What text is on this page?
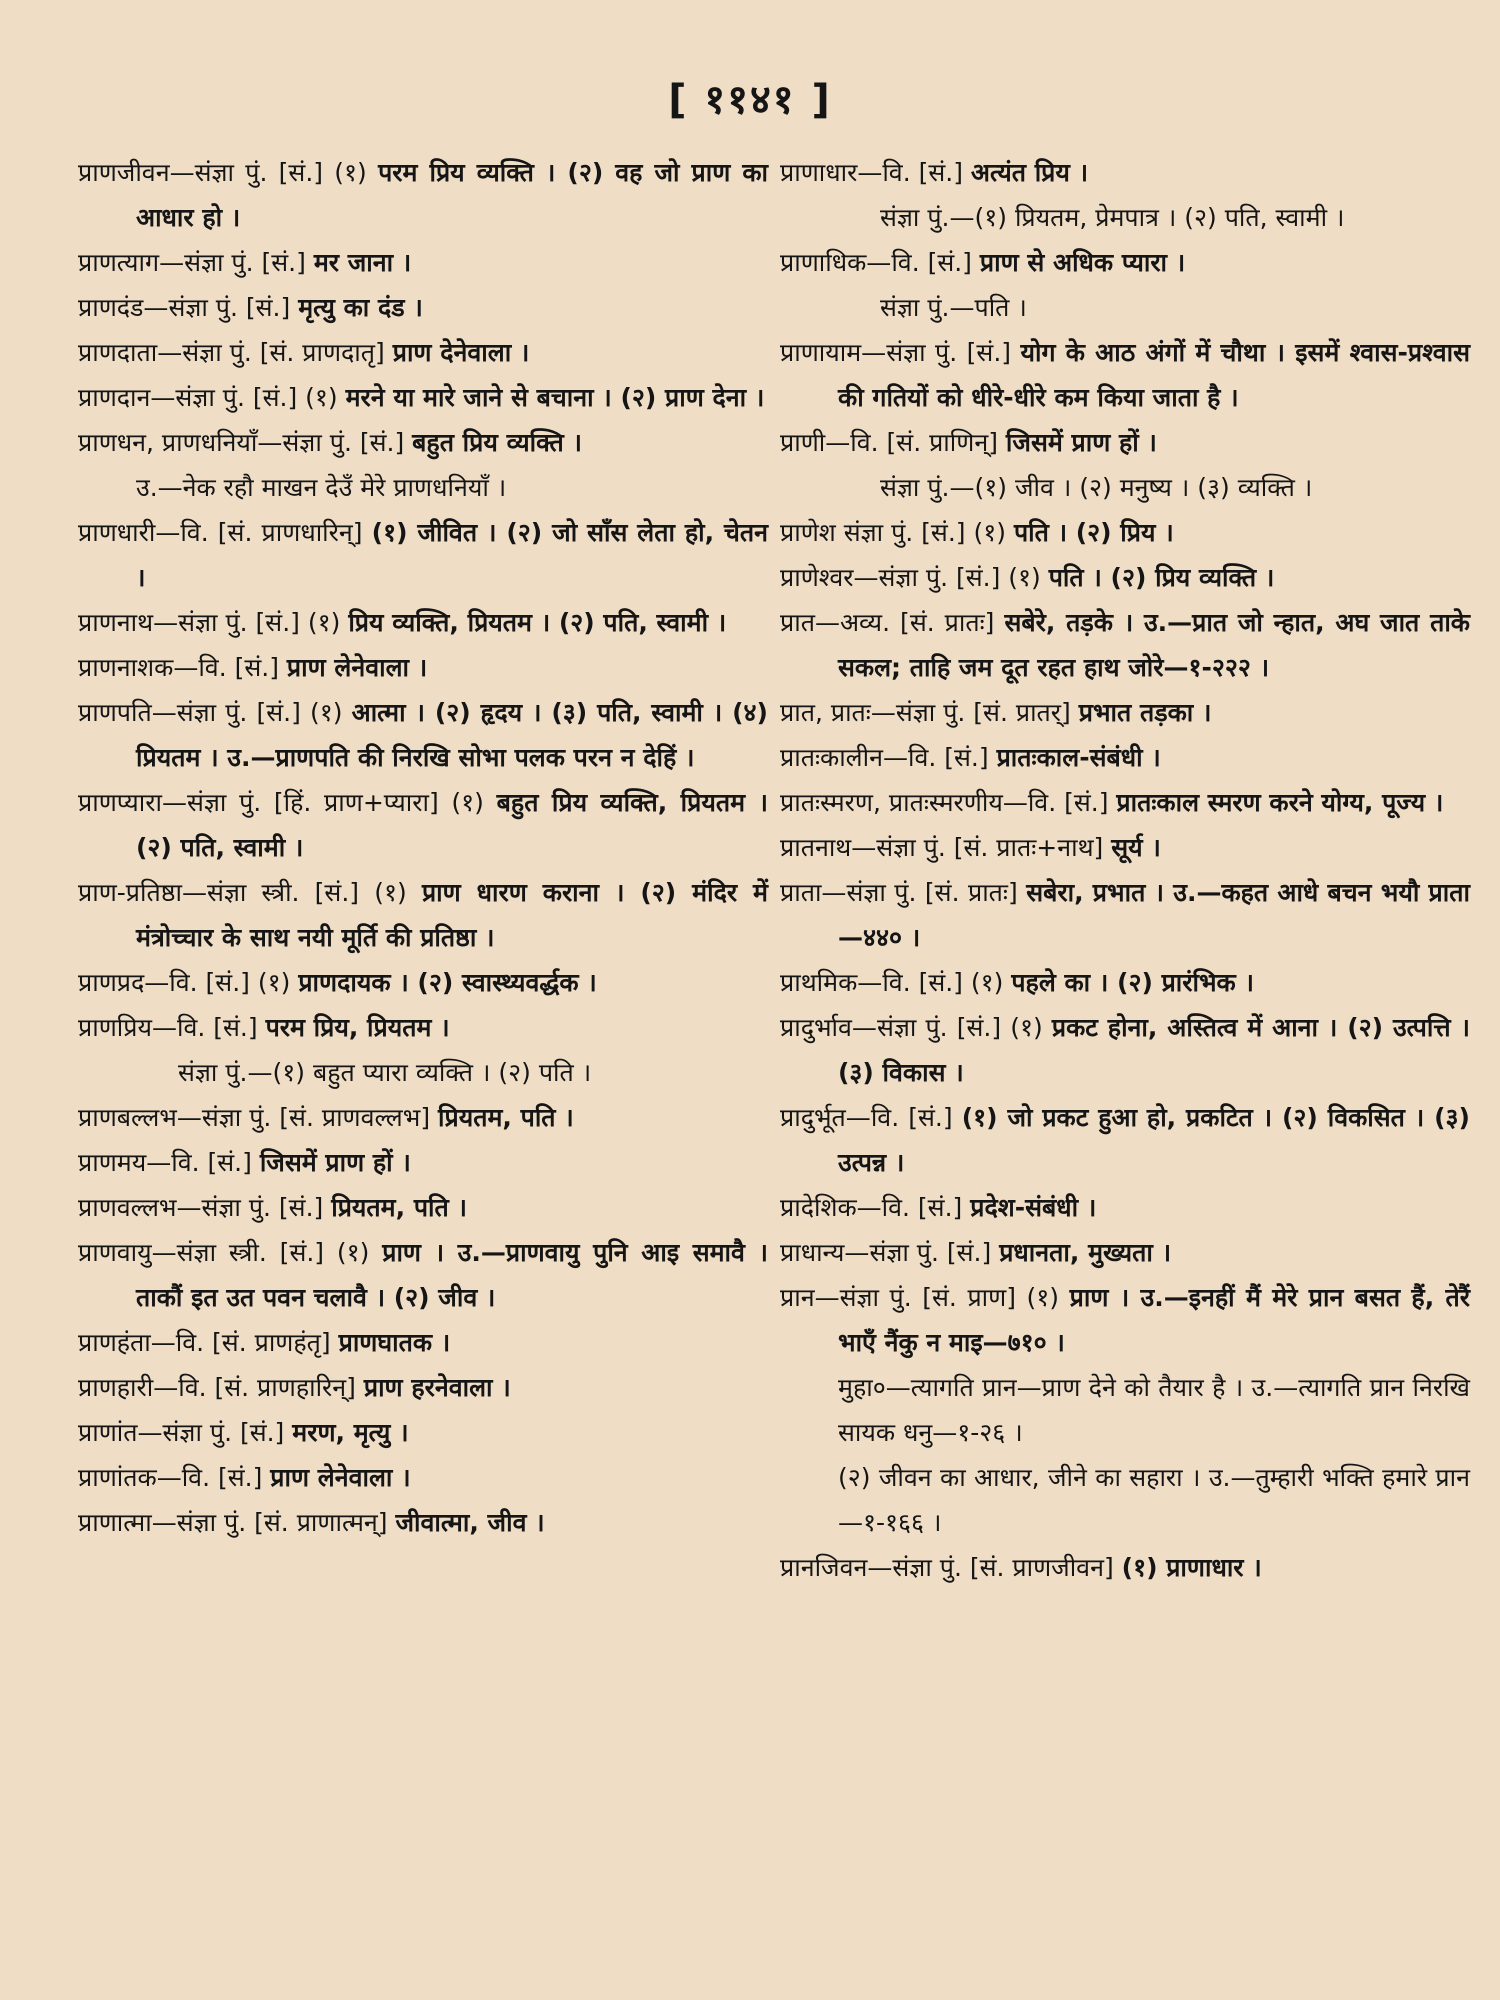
[ ११४१ ]
प्राणजीवन—संज्ञा पुं. [सं.] (१) परम प्रिय व्यक्ति । (२) वह जो प्राण का आधार हो ।
प्राणत्याग—संज्ञा पुं. [सं.] मर जाना ।
प्राणदंड—संज्ञा पुं. [सं.] मृत्यु का दंड ।
प्राणदाता—संज्ञा पुं. [सं. प्राणदातृ] प्राण देनेवाला ।
प्राणदान—संज्ञा पुं. [सं.] (१) मरने या मारे जाने से बचाना । (२) प्राण देना ।
प्राणधन, प्राणधनियाँ—संज्ञा पुं. [सं.] बहुत प्रिय व्यक्ति ।
उ.—नेक रहौ माखन देउँ मेरे प्राणधनियाँ ।
प्राणधारी—वि. [सं. प्राणधारिन्] (१) जीवित । (२) जो साँस लेता हो, चेतन ।
प्राणनाथ—संज्ञा पुं. [सं.] (१) प्रिय व्यक्ति, प्रियतम । (२) पति, स्वामी ।
प्राणनाशक—वि. [सं.] प्राण लेनेवाला ।
प्राणपति—संज्ञा पुं. [सं.] (१) आत्मा । (२) हृदय । (३) पति, स्वामी । (४) प्रियतम । उ.—प्राणपति की निरखि सोभा पलक परन न देहिं ।
प्राणप्यारा—संज्ञा पुं. [हिं. प्राण+प्यारा] (१) बहुत प्रिय व्यक्ति, प्रियतम । (२) पति, स्वामी ।
प्राण-प्रतिष्ठा—संज्ञा स्त्री. [सं.] (१) प्राण धारण कराना । (२) मंदिर में मंत्रोच्चार के साथ नयी मूर्ति की प्रतिष्ठा ।
प्राणप्रद—वि. [सं.] (१) प्राणदायक । (२) स्वास्थ्यवर्द्धक ।
प्राणप्रिय—वि. [सं.] परम प्रिय, प्रियतम ।
संज्ञा पुं.—(१) बहुत प्यारा व्यक्ति । (२) पति ।
प्राणबल्लभ—संज्ञा पुं. [सं. प्राणवल्लभ] प्रियतम, पति ।
प्राणमय—वि. [सं.] जिसमें प्राण हों ।
प्राणवल्लभ—संज्ञा पुं. [सं.] प्रियतम, पति ।
प्राणवायु—संज्ञा स्त्री. [सं.] (१) प्राण । उ.—प्राणवायु पुनि आइ समावै । ताकौं इत उत पवन चलावै । (२) जीव ।
प्राणहंता—वि. [सं. प्राणहंतृ] प्राणघातक ।
प्राणहारी—वि. [सं. प्राणहारिन्] प्राण हरनेवाला ।
प्राणांत—संज्ञा पुं. [सं.] मरण, मृत्यु ।
प्राणांतक—वि. [सं.] प्राण लेनेवाला ।
प्राणात्मा—संज्ञा पुं. [सं. प्राणात्मन्] जीवात्मा, जीव ।
प्राणाधार—वि. [सं.] अत्यंत प्रिय ।
संज्ञा पुं.—(१) प्रियतम, प्रेमपात्र । (२) पति, स्वामी ।
प्राणाधिक—वि. [सं.] प्राण से अधिक प्यारा ।
संज्ञा पुं.—पति ।
प्राणायाम—संज्ञा पुं. [सं.] योग के आठ अंगों में चौथा । इसमें श्वास-प्रश्वास की गतियों को धीरे-धीरे कम किया जाता है ।
प्राणी—वि. [सं. प्राणिन्] जिसमें प्राण हों ।
संज्ञा पुं.—(१) जीव । (२) मनुष्य । (३) व्यक्ति ।
प्राणेश संज्ञा पुं. [सं.] (१) पति । (२) प्रिय ।
प्राणेश्वर—संज्ञा पुं. [सं.] (१) पति । (२) प्रिय व्यक्ति ।
प्रात—अव्य. [सं. प्रातः] सबेरे, तड़के । उ.—प्रात जो न्हात, अघ जात ताके सकल; ताहि जम दूत रहत हाथ जोरे—१-२२२ ।
प्रात, प्रातः—संज्ञा पुं. [सं. प्रातर्] प्रभात तड़का ।
प्रातःकालीन—वि. [सं.] प्रातःकाल-संबंधी ।
प्रातःस्मरण, प्रातःस्मरणीय—वि. [सं.] प्रातःकाल स्मरण करने योग्य, पूज्य ।
प्रातनाथ—संज्ञा पुं. [सं. प्रातः+नाथ] सूर्य ।
प्राता—संज्ञा पुं. [सं. प्रातः] सबेरा, प्रभात । उ.—कहत आधे बचन भयौ प्राता—४४० ।
प्राथमिक—वि. [सं.] (१) पहले का । (२) प्रारंभिक ।
प्रादुर्भाव—संज्ञा पुं. [सं.] (१) प्रकट होना, अस्तित्व में आना । (२) उत्पत्ति । (३) विकास ।
प्रादुर्भूत—वि. [सं.] (१) जो प्रकट हुआ हो, प्रकटित । (२) विकसित । (३) उत्पन्न ।
प्रादेशिक—वि. [सं.] प्रदेश-संबंधी ।
प्राधान्य—संज्ञा पुं. [सं.] प्रधानता, मुख्यता ।
प्रान—संज्ञा पुं. [सं. प्राण] (१) प्राण । उ.—इनहीं मैं मेरे प्रान बसत हैं, तेरैं भाएँ नैंकु न माइ—७१० ।
मुहा०—त्यागति प्रान—प्राण देने को तैयार है । उ.—त्यागति प्रान निरखि सायक धनु—१-२६ ।
(२) जीवन का आधार, जीने का सहारा । उ.—तुम्हारी भक्ति हमारे प्रान—१-१६६ ।
प्रानजिवन—संज्ञा पुं. [सं. प्राणजीवन] (१) प्राणाधार ।
